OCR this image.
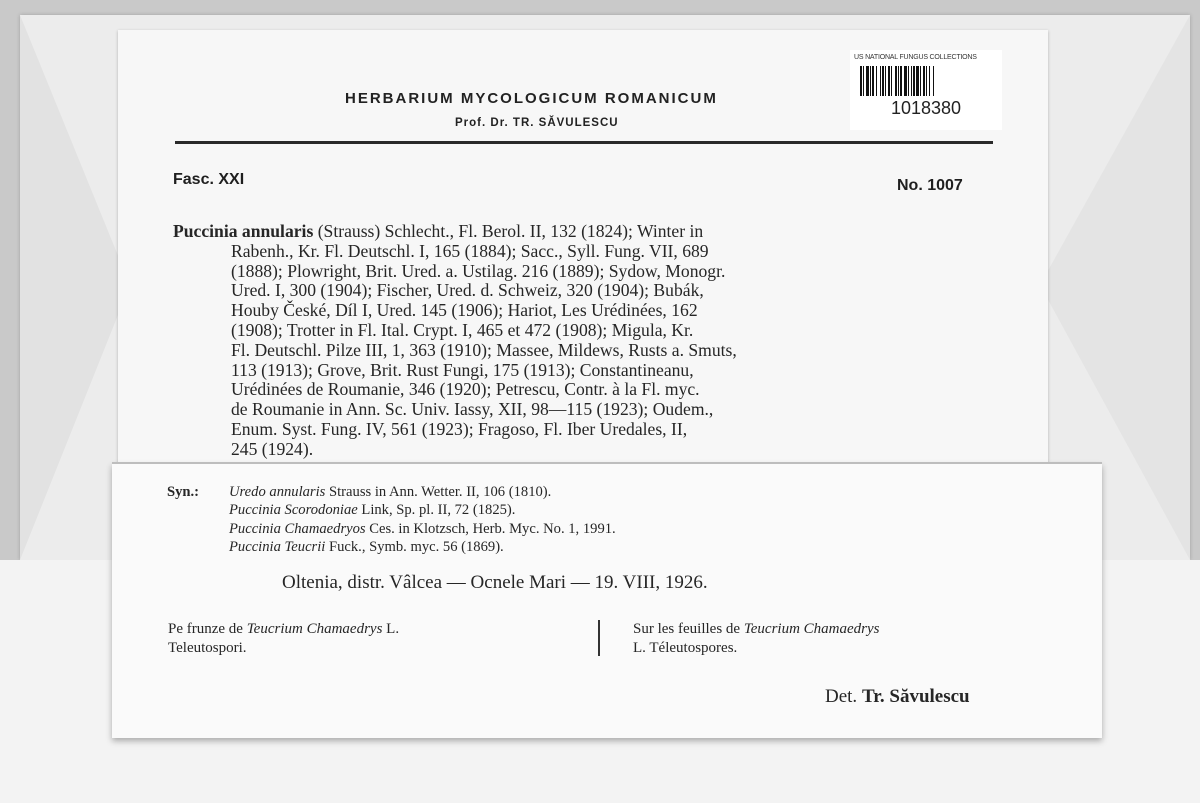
US NATIONAL FUNGUS COLLECTIONS
1018380
HERBARIUM MYCOLOGICUM ROMANICUM
Prof. Dr. TR. SĂVULESCU
Fasc. XXI	No. 1007
Puccinia annularis (Strauss) Schlecht., Fl. Berol. II, 132 (1824); Winter in
Rabenh., Kr. Fl. Deutschl. I, 165 (1884); Sacc., Syll. Fung. VII, 689
(1888); Plowright, Brit. Ured. a. Ustilag. 216 (1889); Sydow, Monogr.
Ured. I, 300 (1904); Fischer, Ured. d. Schweiz, 320 (1904); Bubák,
Houby České, Díl I, Ured. 145 (1906); Hariot, Les Urédinées, 162
(1908); Trotter in Fl. Ital. Crypt. I, 465 et 472 (1908); Migula, Kr.
Fl. Deutschl. Pilze III, 1, 363 (1910); Massee, Mildews, Rusts a. Smuts,
113 (1913); Grove, Brit. Rust Fungi, 175 (1913); Constantineanu,
Urédinées de Roumanie, 346 (1920); Petrescu, Contr. à la Fl. myc.
de Roumanie in Ann. Sc. Univ. Iassy, XII, 98—115 (1923); Oudem.,
Enum. Syst. Fung. IV, 561 (1923); Fragoso, Fl. Iber Uredales, II,
245 (1924).
Syn.: Uredo annularis Strauss in Ann. Wetter. II, 106 (1810).
Puccinia Scorodoniae Link, Sp. pl. II, 72 (1825).
Puccinia Chamaedryos Ces. in Klotzsch, Herb. Myc. No. 1, 1991.
Puccinia Teucrii Fuck., Symb. myc. 56 (1869).
Oltenia, distr. Vâlcea — Ocnele Mari — 19. VIII, 1926.
Pe frunze de Teucrium Chamaedrys L.
Teleutospori.
Sur les feuilles de Teucrium Chamaedrys
L. Téleutospores.
Det. Tr. Săvulescu
